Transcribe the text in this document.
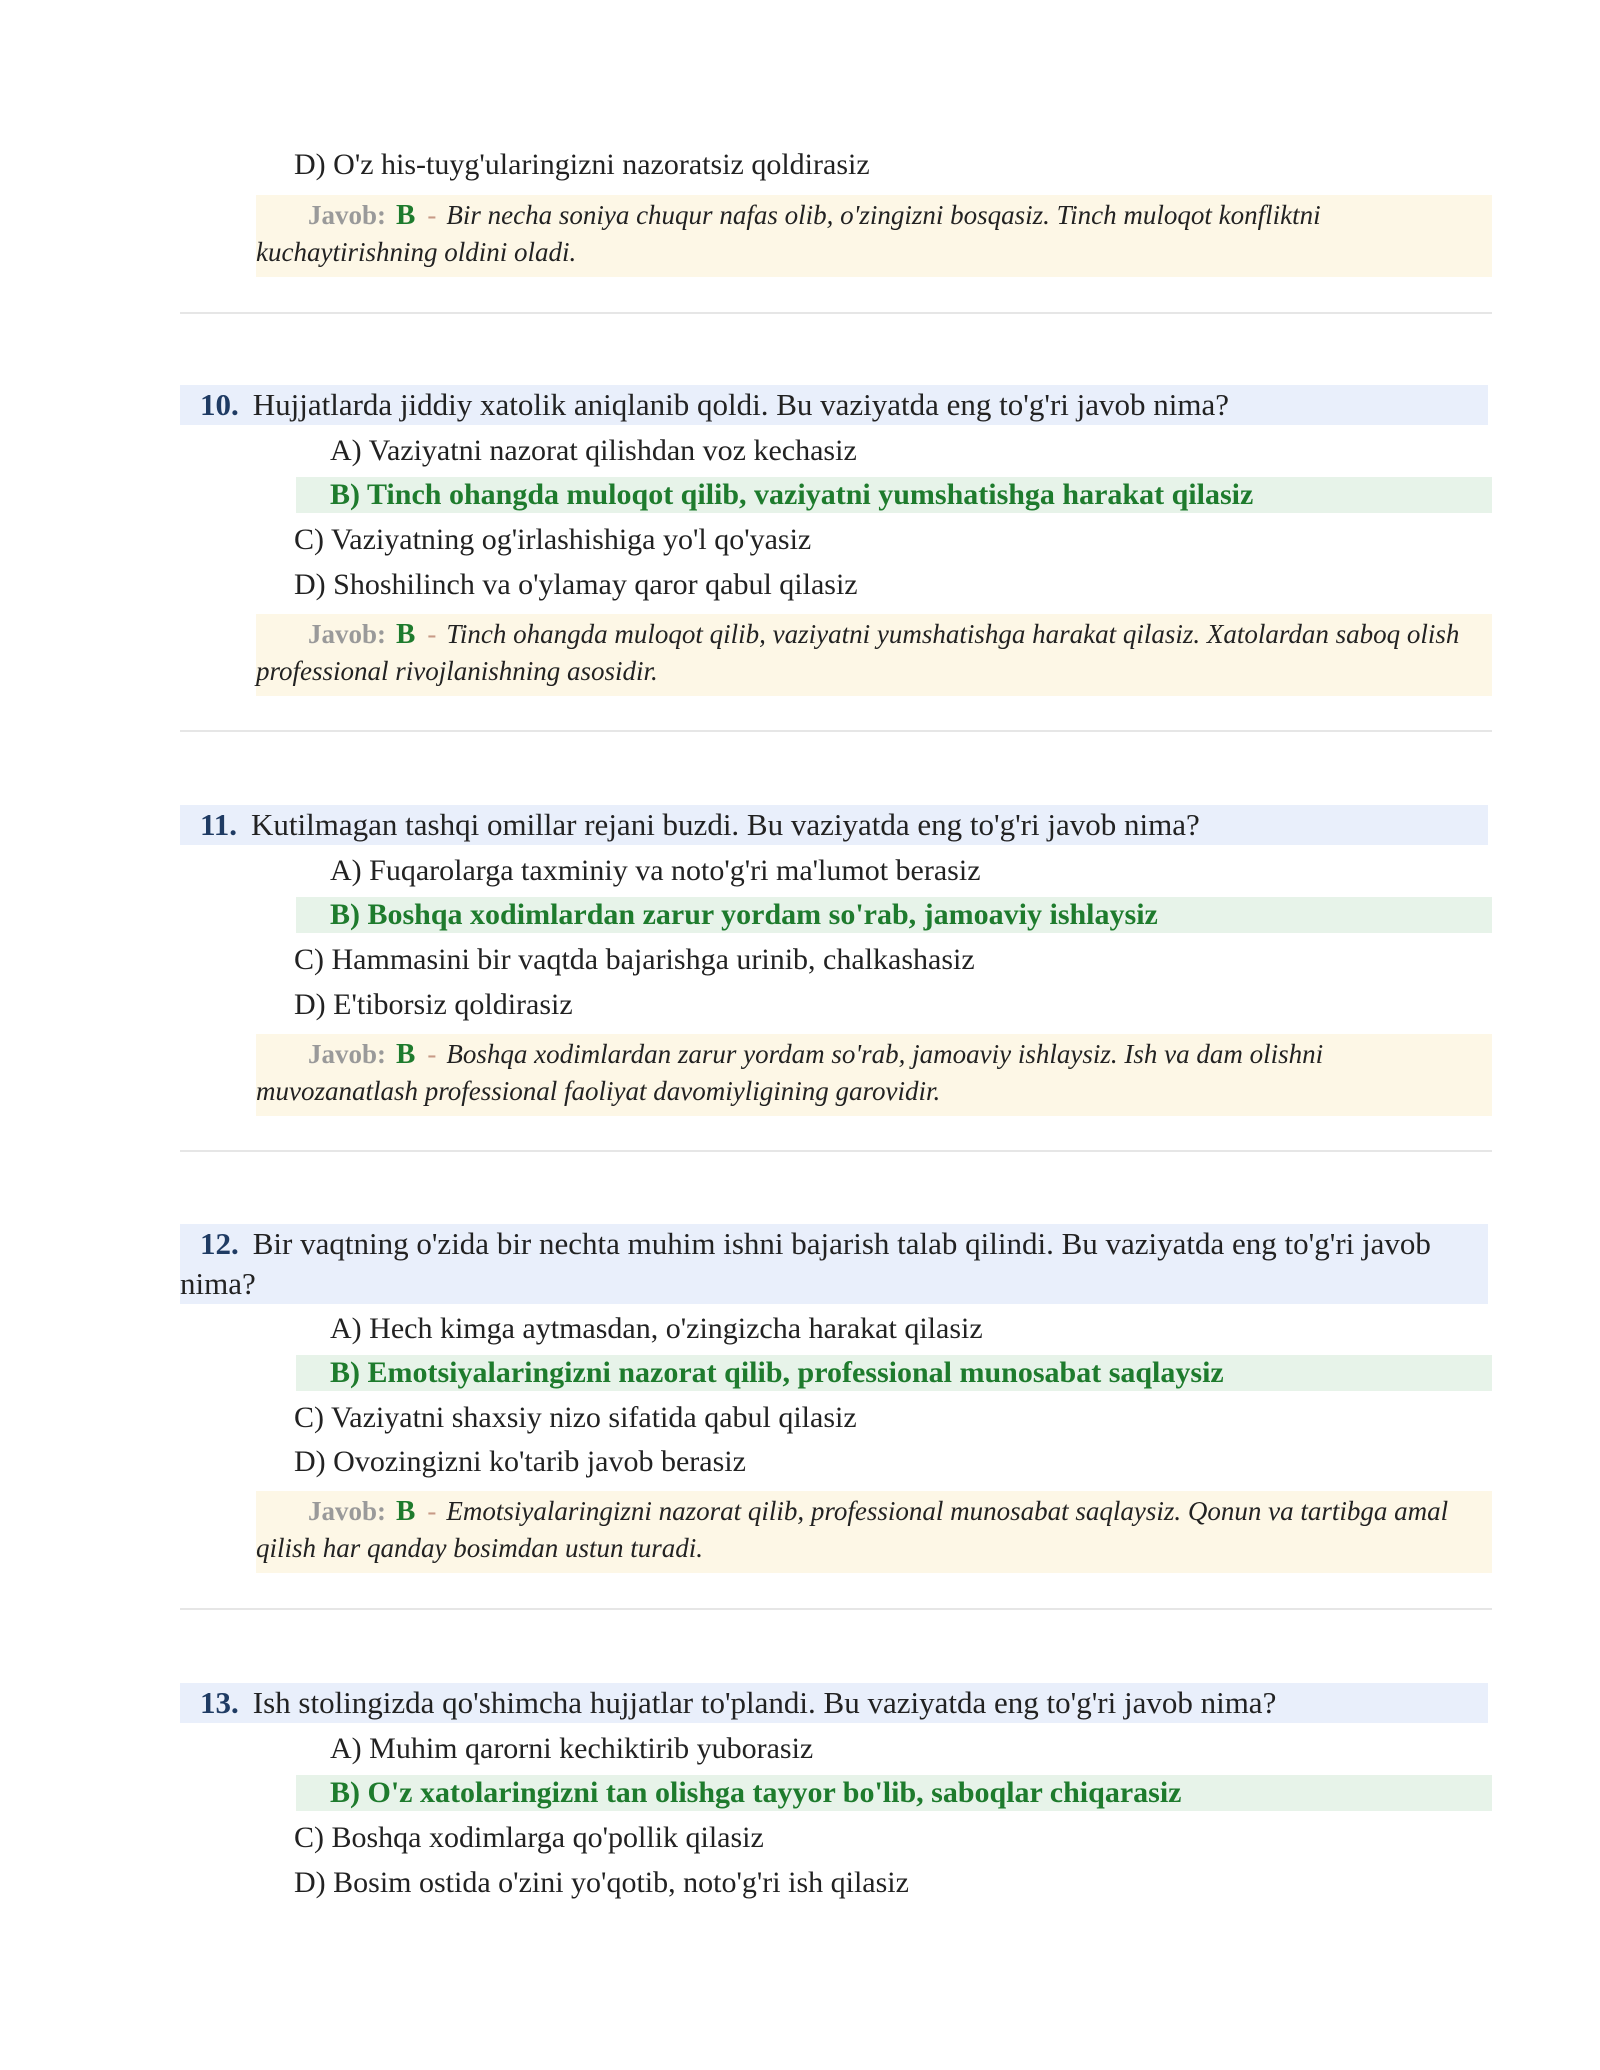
D) O'z his-tuyg'ularingizni nazoratsiz qoldirasiz
Javob: B - Bir necha soniya chuqur nafas olib, o'zingizni bosqasiz. Tinch muloqot konfliktni kuchaytirishning oldini oladi.
10. Hujjatlarda jiddiy xatolik aniqlanib qoldi. Bu vaziyatda eng to'g'ri javob nima?
A) Vaziyatni nazorat qilishdan voz kechasiz
B) Tinch ohangda muloqot qilib, vaziyatni yumshatishga harakat qilasiz
C) Vaziyatning og'irlashishiga yo'l qo'yasiz
D) Shoshilinch va o'ylamay qaror qabul qilasiz
Javob: B - Tinch ohangda muloqot qilib, vaziyatni yumshatishga harakat qilasiz. Xatolardan saboq olish professional rivojlanishning asosidir.
11. Kutilmagan tashqi omillar rejani buzdi. Bu vaziyatda eng to'g'ri javob nima?
A) Fuqarolarga taxminiy va noto'g'ri ma'lumot berasiz
B) Boshqa xodimlardan zarur yordam so'rab, jamoaviy ishlaysiz
C) Hammasini bir vaqtda bajarishga urinib, chalkashasiz
D) E'tiborsiz qoldirasiz
Javob: B - Boshqa xodimlardan zarur yordam so'rab, jamoaviy ishlaysiz. Ish va dam olishni muvozanatlash professional faoliyat davomiyligining garovidir.
12. Bir vaqtning o'zida bir nechta muhim ishni bajarish talab qilindi. Bu vaziyatda eng to'g'ri javob nima?
A) Hech kimga aytmasdan, o'zingizcha harakat qilasiz
B) Emotsiyalaringizni nazorat qilib, professional munosabat saqlaysiz
C) Vaziyatni shaxsiy nizo sifatida qabul qilasiz
D) Ovozingizni ko'tarib javob berasiz
Javob: B - Emotsiyalaringizni nazorat qilib, professional munosabat saqlaysiz. Qonun va tartibga amal qilish har qanday bosimdan ustun turadi.
13. Ish stolingizda qo'shimcha hujjatlar to'plandi. Bu vaziyatda eng to'g'ri javob nima?
A) Muhim qarorni kechiktirib yuborasiz
B) O'z xatolaringizni tan olishga tayyor bo'lib, saboqlar chiqarasiz
C) Boshqa xodimlarga qo'pollik qilasiz
D) Bosim ostida o'zini yo'qotib, noto'g'ri ish qilasiz
